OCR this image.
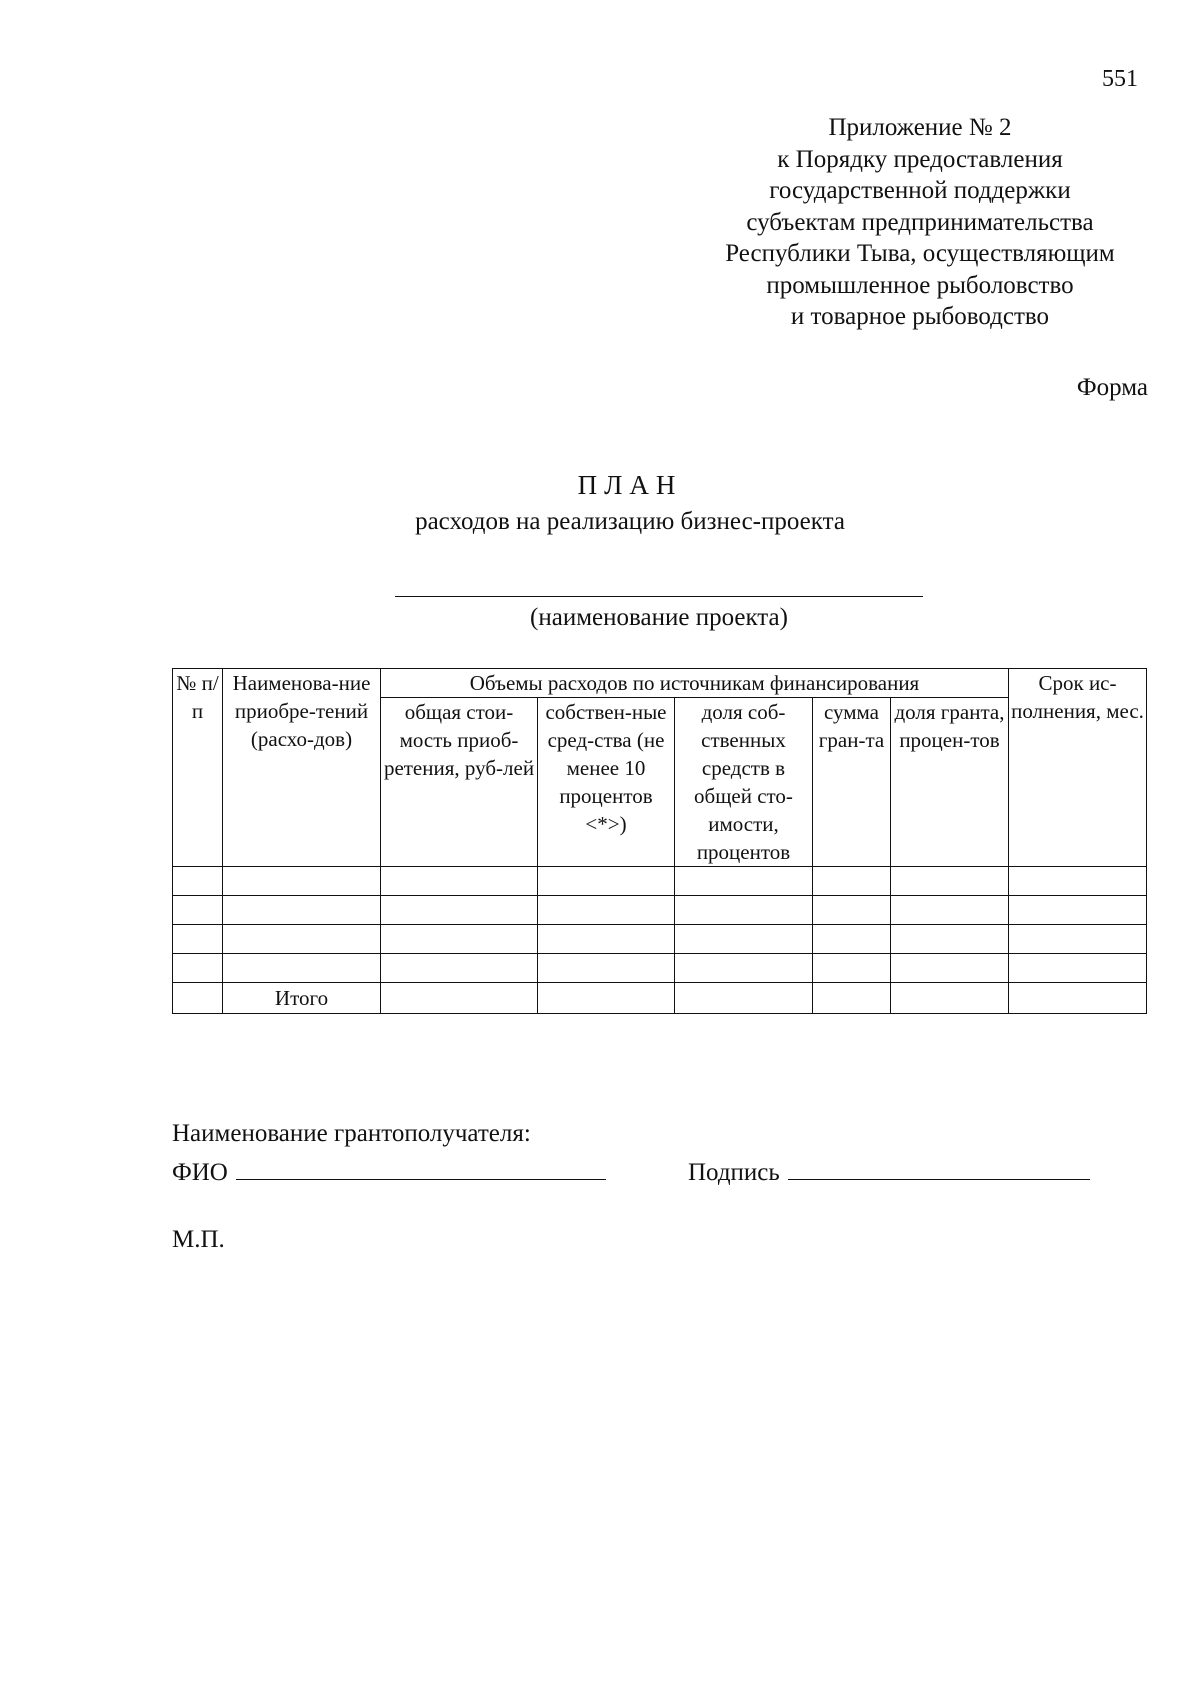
551
Приложение № 2
к Порядку предоставления
государственной поддержки
субъектам предпринимательства
Республики Тыва, осуществляющим
промышленное рыболовство
и товарное рыбоводство
Форма
ПЛАН
расходов на реализацию бизнес-проекта
(наименование проекта)
№ п/п	Наименова-ние приобре-тений (расхо-дов)	Объемы расходов по источникам финансирования					Срок ис-полнения, мес.
		общая стои-мость приоб-ретения, руб-лей	собствен-ные сред-ства (не менее 10 процентов <*>)	доля соб-ственных средств в общей сто-имости, процентов	сумма гран-та	доля гранта, процен-тов	

	Итого						
Наименование грантополучателя:
ФИО	Подпись
М.П.
